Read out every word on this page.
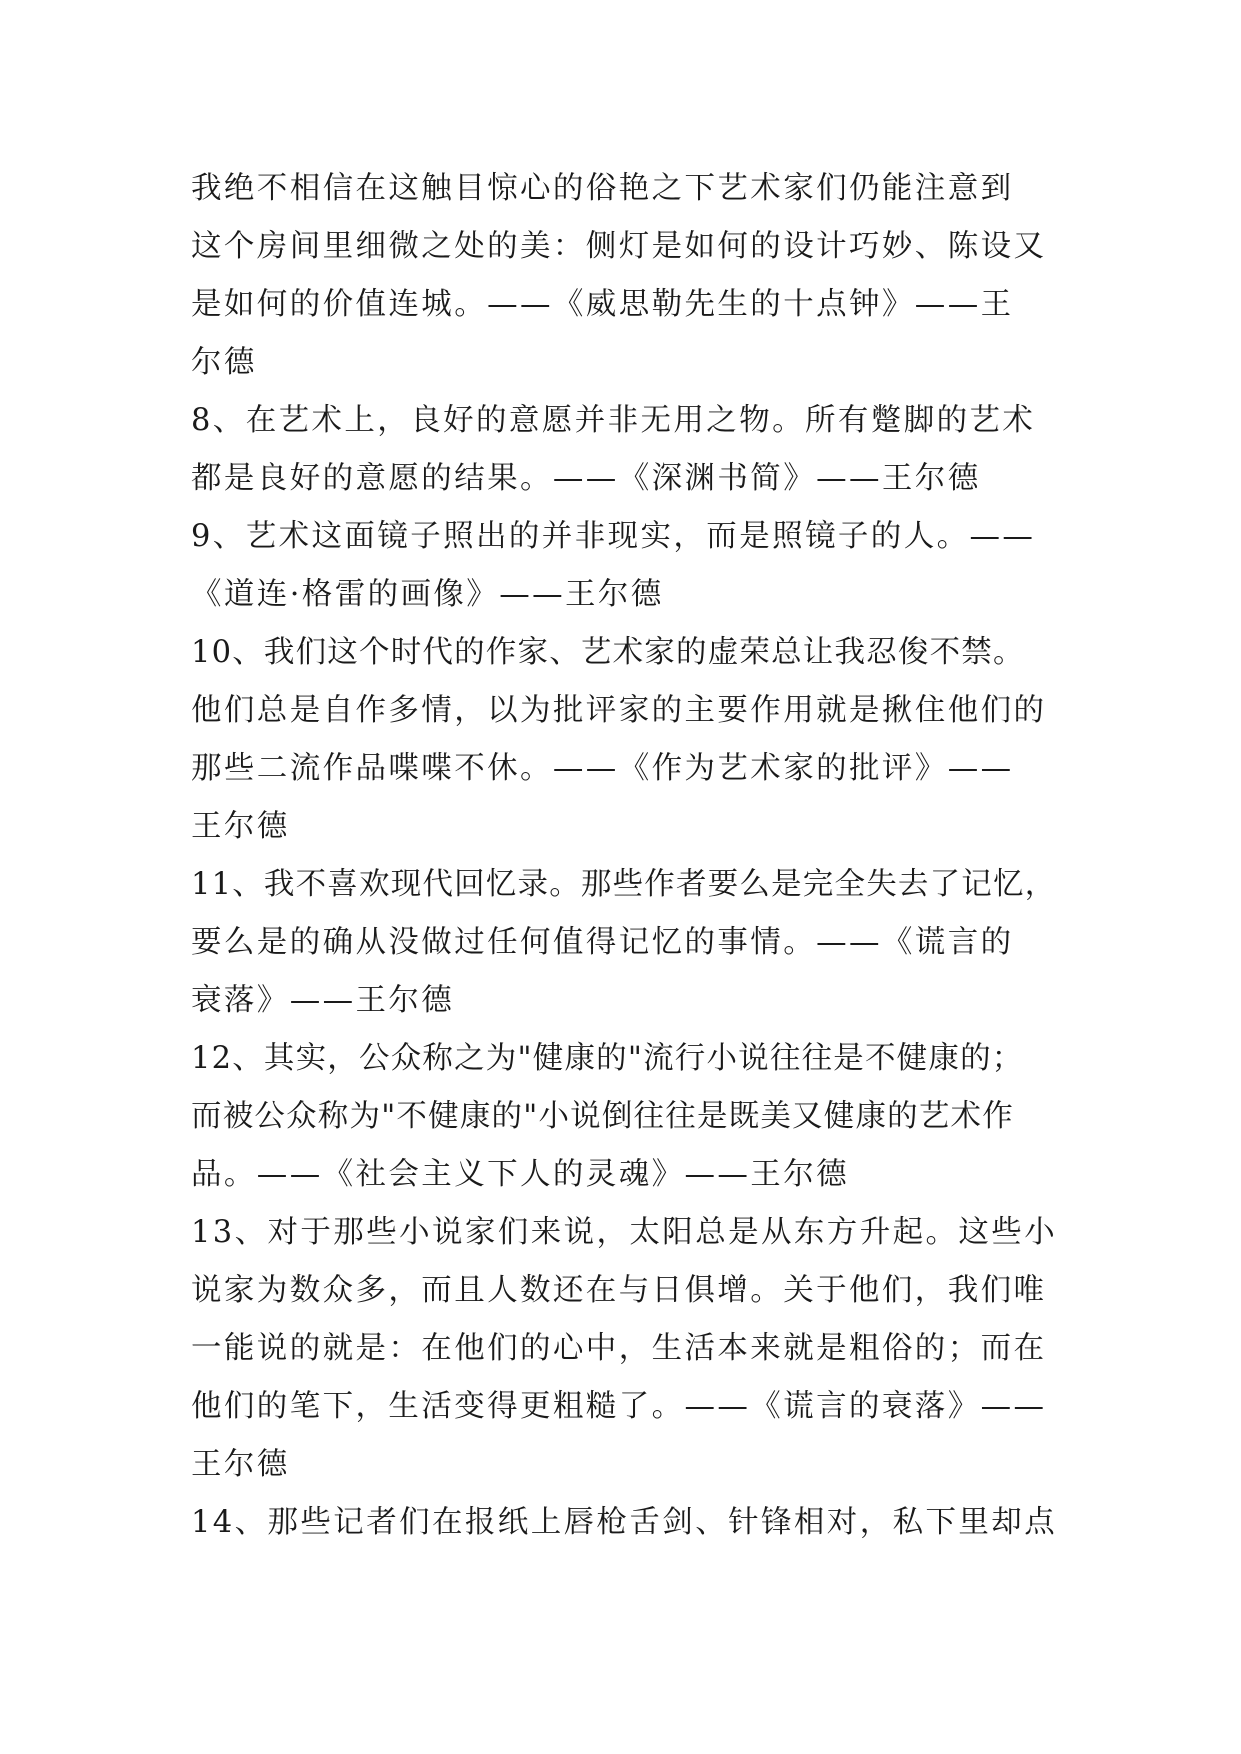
我绝不相信在这触目惊心的俗艳之下艺术家们仍能注意到
这个房间里细微之处的美：侧灯是如何的设计巧妙、陈设又
是如何的价值连城。——《威思勒先生的十点钟》——王
尔德
8、在艺术上，良好的意愿并非无用之物。所有蹩脚的艺术
都是良好的意愿的结果。——《深渊书简》——王尔德
9、艺术这面镜子照出的并非现实，而是照镜子的人。——
《道连·格雷的画像》——王尔德
10、我们这个时代的作家、艺术家的虚荣总让我忍俊不禁。
他们总是自作多情，以为批评家的主要作用就是揪住他们的
那些二流作品喋喋不休。——《作为艺术家的批评》——
王尔德
11、我不喜欢现代回忆录。那些作者要么是完全失去了记忆，
要么是的确从没做过任何值得记忆的事情。——《谎言的
衰落》——王尔德
12、其实，公众称之为"健康的"流行小说往往是不健康的；
而被公众称为"不健康的"小说倒往往是既美又健康的艺术作
品。——《社会主义下人的灵魂》——王尔德
13、对于那些小说家们来说，太阳总是从东方升起。这些小
说家为数众多，而且人数还在与日俱增。关于他们，我们唯
一能说的就是：在他们的心中，生活本来就是粗俗的；而在
他们的笔下，生活变得更粗糙了。——《谎言的衰落》——
王尔德
14、那些记者们在报纸上唇枪舌剑、针锋相对，私下里却点
